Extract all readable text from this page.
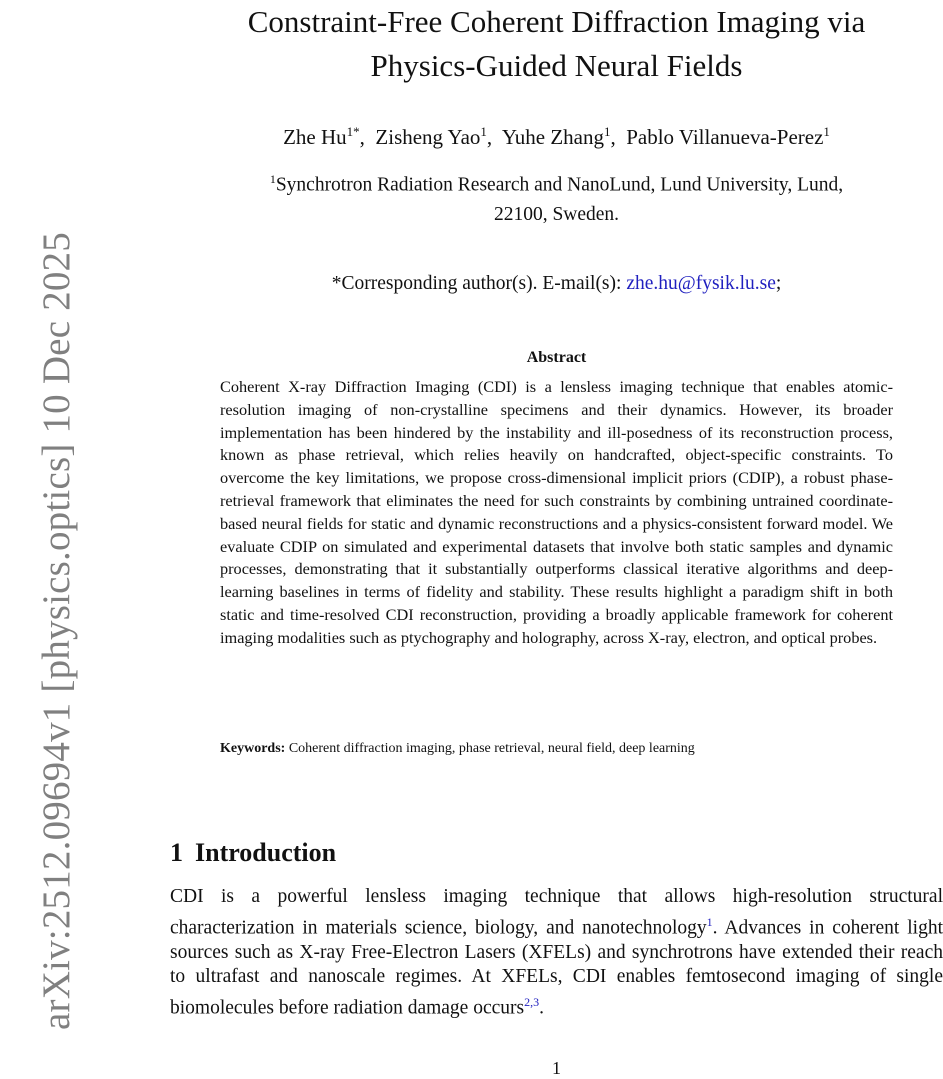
arXiv:2512.09694v1 [physics.optics] 10 Dec 2025
Constraint-Free Coherent Diffraction Imaging via
Physics-Guided Neural Fields
Zhe $Hu^{1*}$,  Zisheng Yao$^1$,  Yuhe Zhang$^1$,  Pablo Villanueva-Perez$^1$
$^1$Synchrotron Radiation Research and NanoLund, Lund University, Lund,
22100, Sweden.
*Corresponding author(s). E-mail(s): zhe.hu@fysik.lu.se;
Abstract

Coherent X-ray Diffraction Imaging (CDI) is a lensless imaging technique that enables atomic-resolution imaging of non-crystalline specimens and their dynamics. However, its broader implementation has been hindered by the instability and ill-posedness of its reconstruction process, known as phase retrieval, which relies heavily on handcrafted, object-specific constraints. To overcome the key limitations, we propose cross-dimensional implicit priors (CDIP), a robust phase-retrieval framework that eliminates the need for such constraints by combining untrained coordinate-based neural fields for static and dynamic reconstructions and a physics-consistent forward model. We evaluate CDIP on simulated and experimental datasets that involve both static samples and dynamic processes, demonstrating that it substantially outperforms classical iterative algorithms and deep-learning baselines in terms of fidelity and stability. These results highlight a paradigm shift in both static and time-resolved CDI reconstruction, providing a broadly applicable framework for coherent imaging modalities such as ptychography and holography, across X-ray, electron, and optical probes.

Keywords: Coherent diffraction imaging, phase retrieval, neural field, deep learning
1 Introduction

CDI is a powerful lensless imaging technique that allows high-resolution structural characterization in materials science, biology, and nanotechnology$^1$. Advances in coherent light sources such as X-ray Free-Electron Lasers (XFELs) and synchrotrons have extended their reach to ultrafast and nanoscale regimes. At XFELs, CDI enables femtosecond imaging of single biomolecules before radiation damage occurs$^{2,3}$.

1
